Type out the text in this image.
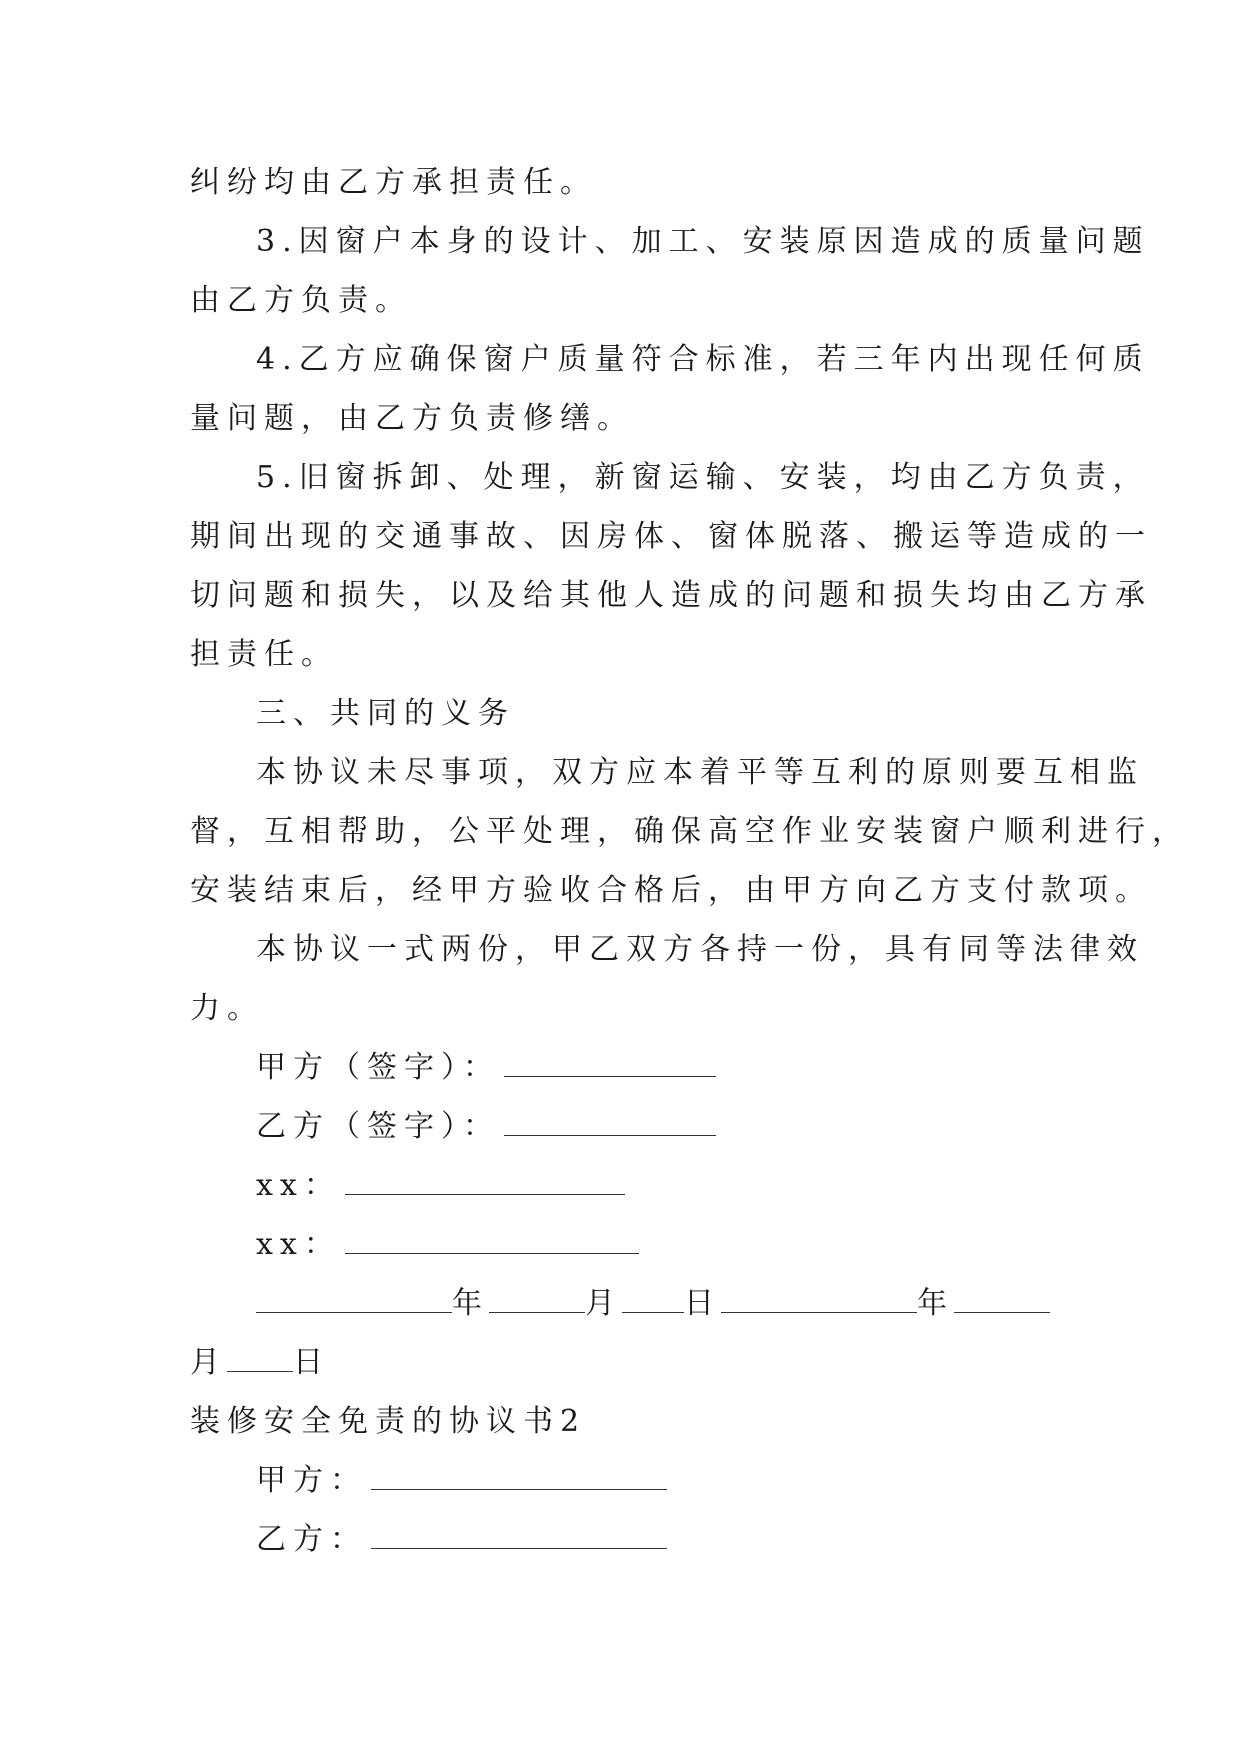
纠纷均由乙方承担责任。
3.因窗户本身的设计、加工、安装原因造成的质量问题
由乙方负责。
4.乙方应确保窗户质量符合标准，若三年内出现任何质
量问题，由乙方负责修缮。
5.旧窗拆卸、处理，新窗运输、安装，均由乙方负责，
期间出现的交通事故、因房体、窗体脱落、搬运等造成的一
切问题和损失，以及给其他人造成的问题和损失均由乙方承
担责任。
三、共同的义务
本协议未尽事项，双方应本着平等互利的原则要互相监
督，互相帮助，公平处理，确保高空作业安装窗户顺利进行，
安装结束后，经甲方验收合格后，由甲方向乙方支付款项。
本协议一式两份，甲乙双方各持一份，具有同等法律效
力。
甲方（签字）：
乙方（签字）：
xx：
xx：
年	月 日	年
月 日
装修安全免责的协议书2
甲方：
乙方：
